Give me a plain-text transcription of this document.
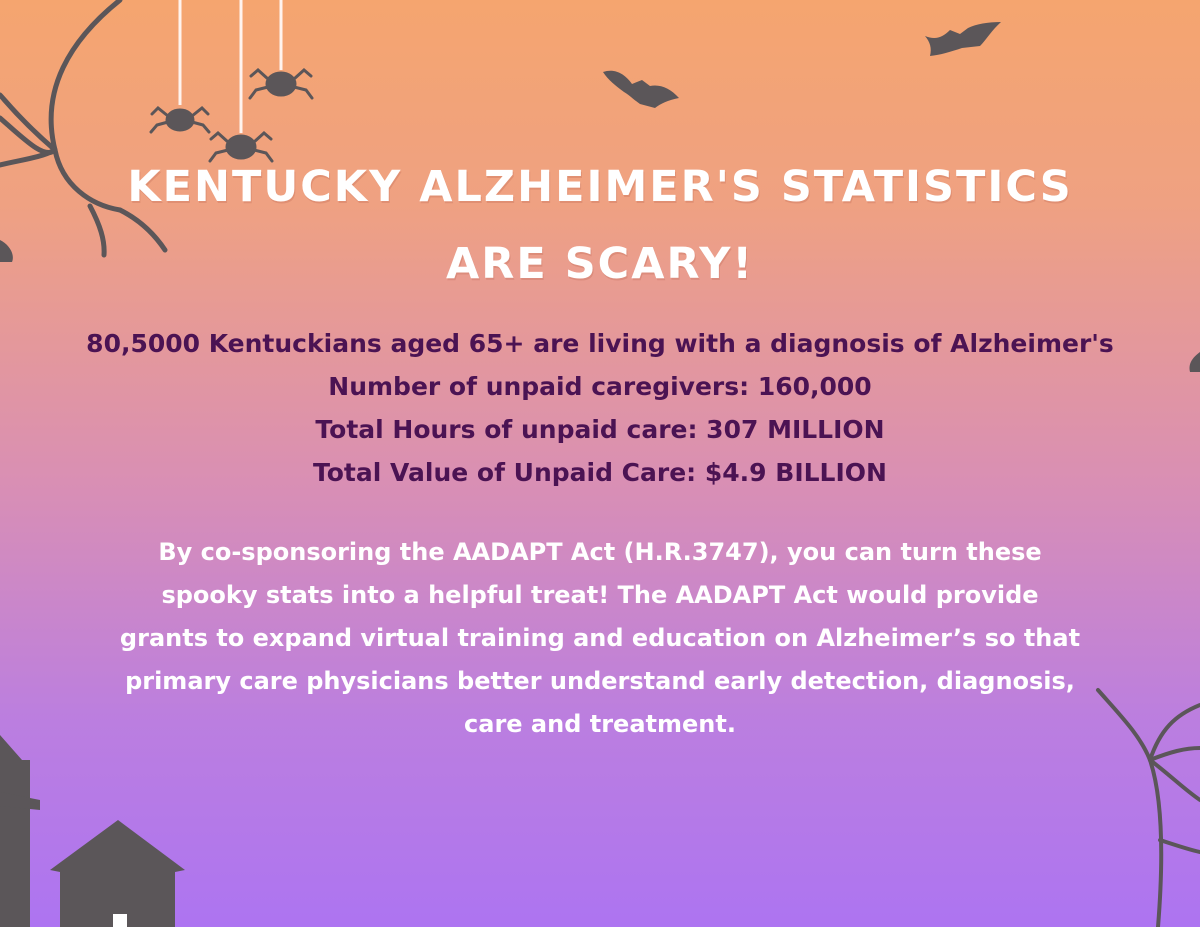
KENTUCKY ALZHEIMER'S STATISTICS
ARE SCARY!
80,5000 Kentuckians aged 65+ are living with a diagnosis of Alzheimer's
Number of unpaid caregivers: 160,000
Total Hours of unpaid care: 307 MILLION
Total Value of Unpaid Care: $4.9 BILLION
By co-sponsoring the AADAPT Act (H.R.3747), you can turn these
spooky stats into a helpful treat! The AADAPT Act would provide
grants to expand virtual training and education on Alzheimer’s so that
primary care physicians better understand early detection, diagnosis,
care and treatment.
